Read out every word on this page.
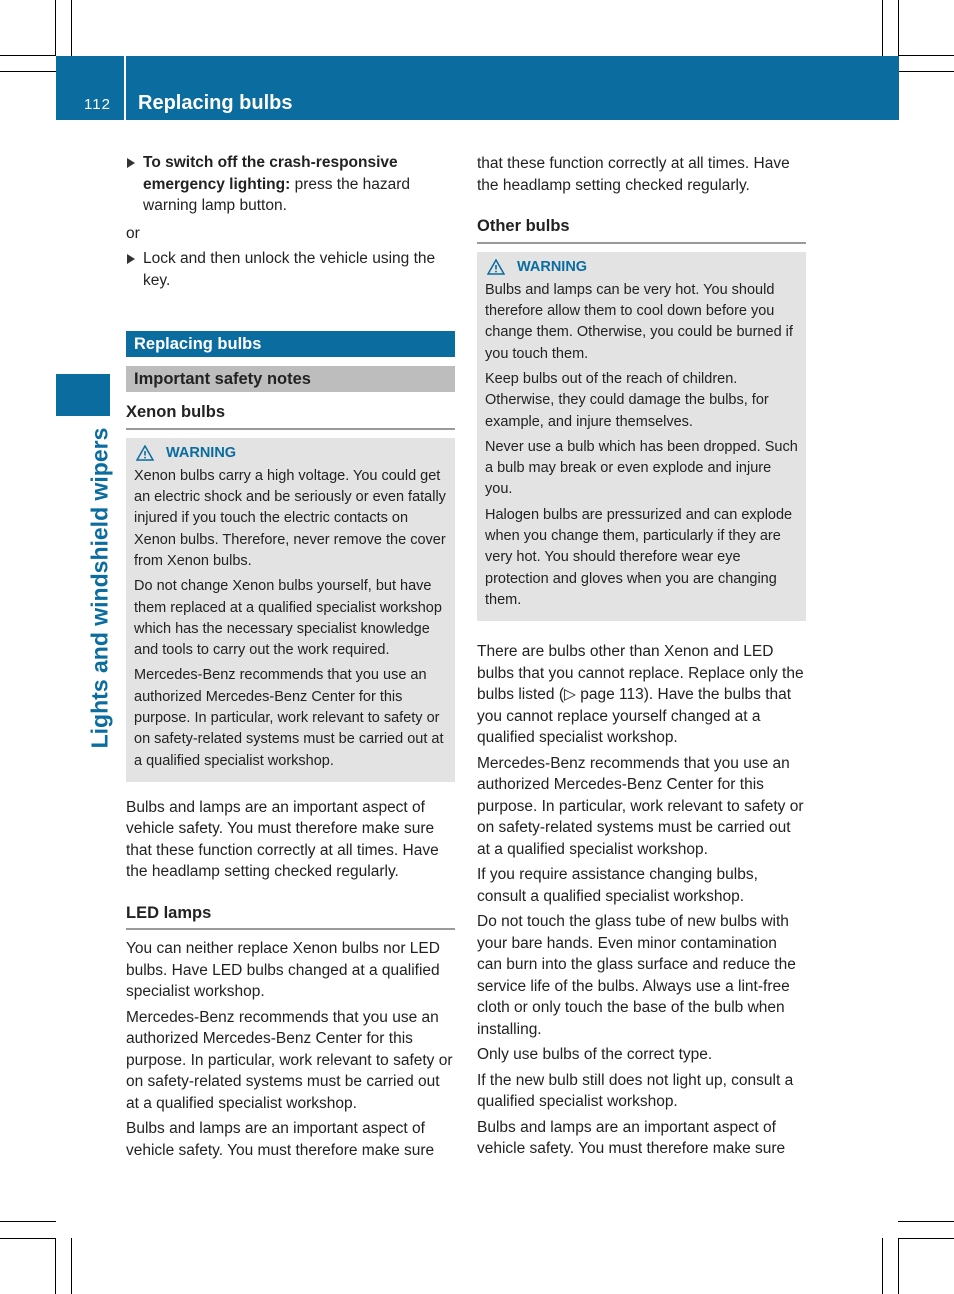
112 Replacing bulbs
Lights and windshield wipers
To switch off the crash-responsive emergency lighting: press the hazard warning lamp button.
or
Lock and then unlock the vehicle using the key.
Replacing bulbs
Important safety notes
Xenon bulbs
WARNING

Xenon bulbs carry a high voltage. You could get an electric shock and be seriously or even fatally injured if you touch the electric contacts on Xenon bulbs. Therefore, never remove the cover from Xenon bulbs.

Do not change Xenon bulbs yourself, but have them replaced at a qualified specialist workshop which has the necessary specialist knowledge and tools to carry out the work required.

Mercedes-Benz recommends that you use an authorized Mercedes-Benz Center for this purpose. In particular, work relevant to safety or on safety-related systems must be carried out at a qualified specialist workshop.

Bulbs and lamps are an important aspect of vehicle safety. You must therefore make sure that these function correctly at all times. Have the headlamp setting checked regularly.

LED lamps

You can neither replace Xenon bulbs nor LED bulbs. Have LED bulbs changed at a qualified specialist workshop.

Mercedes-Benz recommends that you use an authorized Mercedes-Benz Center for this purpose. In particular, work relevant to safety or on safety-related systems must be carried out at a qualified specialist workshop.

Bulbs and lamps are an important aspect of vehicle safety. You must therefore make sure

that these function correctly at all times. Have the headlamp setting checked regularly.

Other bulbs
WARNING

Bulbs and lamps can be very hot. You should therefore allow them to cool down before you change them. Otherwise, you could be burned if you touch them.

Keep bulbs out of the reach of children. Otherwise, they could damage the bulbs, for example, and injure themselves.

Never use a bulb which has been dropped. Such a bulb may break or even explode and injure you.

Halogen bulbs are pressurized and can explode when you change them, particularly if they are very hot. You should therefore wear eye protection and gloves when you are changing them.

There are bulbs other than Xenon and LED bulbs that you cannot replace. Replace only the bulbs listed (▷ page 113). Have the bulbs that you cannot replace yourself changed at a qualified specialist workshop.

Mercedes-Benz recommends that you use an authorized Mercedes-Benz Center for this purpose. In particular, work relevant to safety or on safety-related systems must be carried out at a qualified specialist workshop.

If you require assistance changing bulbs, consult a qualified specialist workshop.

Do not touch the glass tube of new bulbs with your bare hands. Even minor contamination can burn into the glass surface and reduce the service life of the bulbs. Always use a lint-free cloth or only touch the base of the bulb when installing.

Only use bulbs of the correct type.

If the new bulb still does not light up, consult a qualified specialist workshop.

Bulbs and lamps are an important aspect of vehicle safety. You must therefore make sure
